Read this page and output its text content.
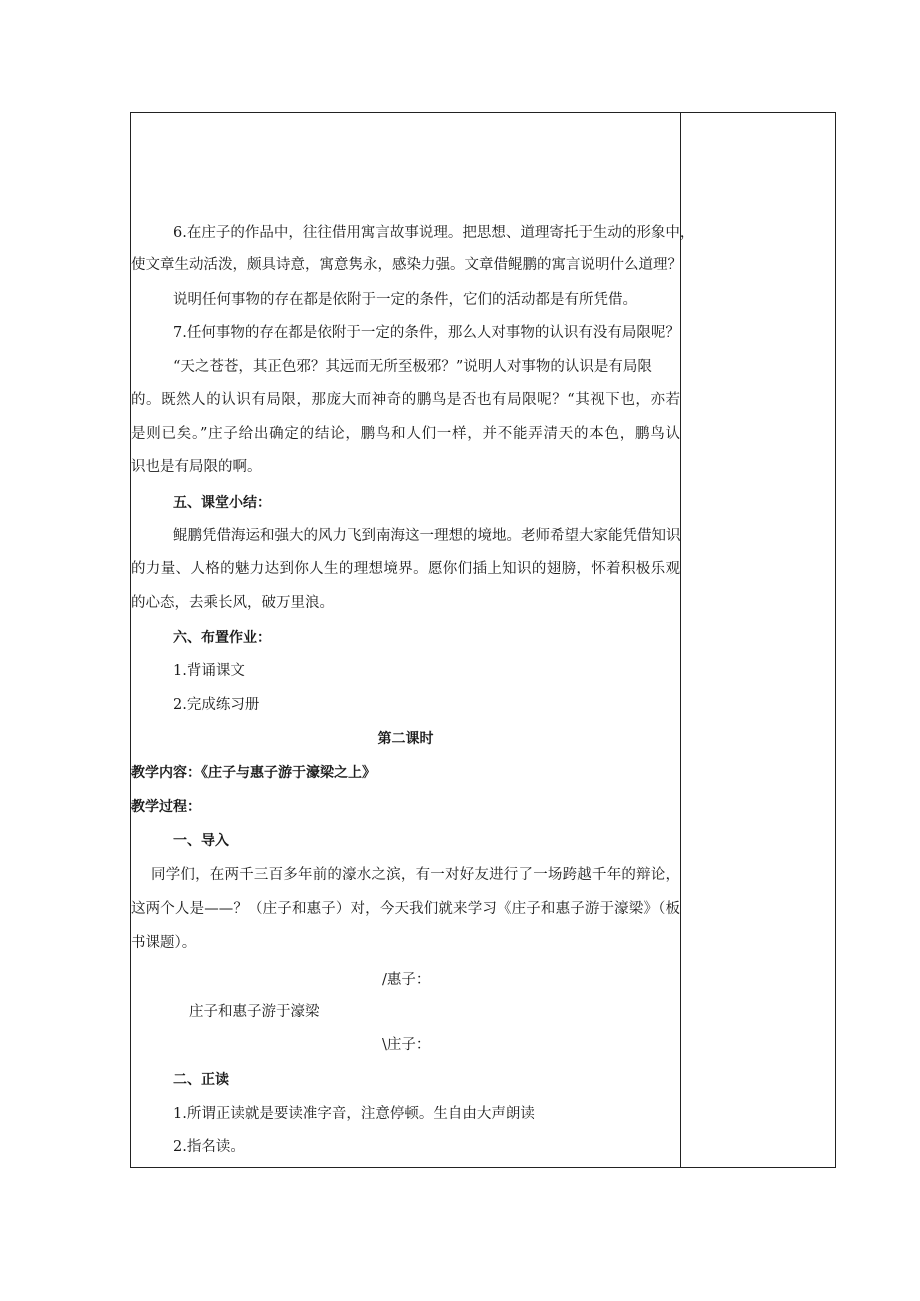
6.在庄子的作品中，往往借用寓言故事说理。把思想、道理寄托于生动的形象中，
使文章生动活泼，颇具诗意，寓意隽永，感染力强。文章借鲲鹏的寓言说明什么道理？
说明任何事物的存在都是依附于一定的条件，它们的活动都是有所凭借。
7.任何事物的存在都是依附于一定的条件，那么人对事物的认识有没有局限呢？
“天之苍苍，其正色邪？其远而无所至极邪？”说明人对事物的认识是有局限
的。既然人的认识有局限，那庞大而神奇的鹏鸟是否也有局限呢？“其视下也，亦若
是则已矣。”庄子给出确定的结论，鹏鸟和人们一样，并不能弄清天的本色，鹏鸟认
识也是有局限的啊。
五、课堂小结：
鲲鹏凭借海运和强大的风力飞到南海这一理想的境地。老师希望大家能凭借知识
的力量、人格的魅力达到你人生的理想境界。愿你们插上知识的翅膀，怀着积极乐观
的心态，去乘长风，破万里浪。
六、布置作业：
1.背诵课文
2.完成练习册
第二课时
教学内容：《庄子与惠子游于濠梁之上》
教学过程：
一、导入
同学们，在两千三百多年前的濠水之滨，有一对好友进行了一场跨越千年的辩论，
这两个人是——？（庄子和惠子）对，今天我们就来学习《庄子和惠子游于濠梁》（板
书课题）。
/惠子：
庄子和惠子游于濠梁
\庄子：
二、正读
1.所谓正读就是要读准字音，注意停顿。生自由大声朗读
2.指名读。
